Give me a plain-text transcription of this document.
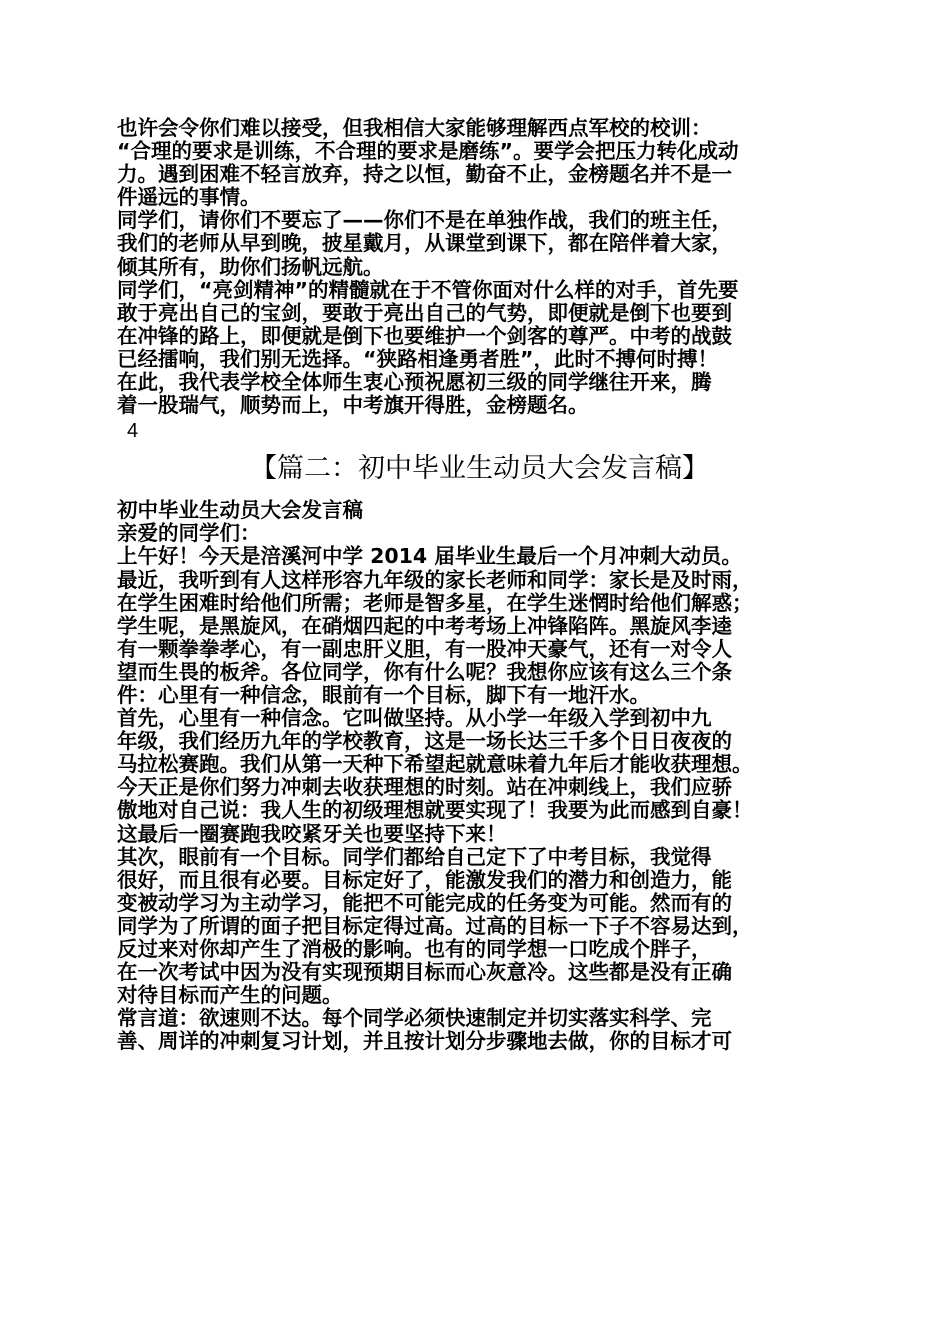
也许会令你们难以接受，但我相信大家能够理解西点军校的校训：
“合理的要求是训练，不合理的要求是磨练”。要学会把压力转化成动
力。遇到困难不轻言放弃，持之以恒，勤奋不止，金榜题名并不是一
件遥远的事情。
同学们，请你们不要忘了——你们不是在单独作战，我们的班主任，
我们的老师从早到晚，披星戴月，从课堂到课下，都在陪伴着大家，
倾其所有，助你们扬帆远航。
同学们，“亮剑精神”的精髓就在于不管你面对什么样的对手，首先要
敢于亮出自己的宝剑，要敢于亮出自己的气势，即便就是倒下也要到
在冲锋的路上，即便就是倒下也要维护一个剑客的尊严。中考的战鼓
已经擂响，我们别无选择。“狭路相逢勇者胜”，此时不搏何时搏！
在此，我代表学校全体师生衷心预祝愿初三级的同学继往开来，腾
着一股瑞气，顺势而上，中考旗开得胜，金榜题名。
4
【篇二：初中毕业生动员大会发言稿】
初中毕业生动员大会发言稿
亲爱的同学们：
上午好！今天是涪溪河中学 2014 届毕业生最后一个月冲刺大动员。
最近，我听到有人这样形容九年级的家长老师和同学：家长是及时雨，
在学生困难时给他们所需；老师是智多星，在学生迷惘时给他们解惑；
学生呢，是黑旋风，在硝烟四起的中考考场上冲锋陷阵。黑旋风李逵
有一颗拳拳孝心，有一副忠肝义胆，有一股冲天豪气，还有一对令人
望而生畏的板斧。各位同学，你有什么呢？我想你应该有这么三个条
件：心里有一种信念，眼前有一个目标，脚下有一地汗水。
首先，心里有一种信念。它叫做坚持。从小学一年级入学到初中九
年级，我们经历九年的学校教育，这是一场长达三千多个日日夜夜的
马拉松赛跑。我们从第一天种下希望起就意味着九年后才能收获理想。
今天正是你们努力冲刺去收获理想的时刻。站在冲刺线上，我们应骄
傲地对自己说：我人生的初级理想就要实现了！我要为此而感到自豪！
这最后一圈赛跑我咬紧牙关也要坚持下来！
其次，眼前有一个目标。同学们都给自己定下了中考目标，我觉得
很好，而且很有必要。目标定好了，能激发我们的潜力和创造力，能
变被动学习为主动学习，能把不可能完成的任务变为可能。然而有的
同学为了所谓的面子把目标定得过高。过高的目标一下子不容易达到，
反过来对你却产生了消极的影响。也有的同学想一口吃成个胖子，
在一次考试中因为没有实现预期目标而心灰意冷。这些都是没有正确
对待目标而产生的问题。
常言道：欲速则不达。每个同学必须快速制定并切实落实科学、完
善、周详的冲刺复习计划，并且按计划分步骤地去做，你的目标才可
